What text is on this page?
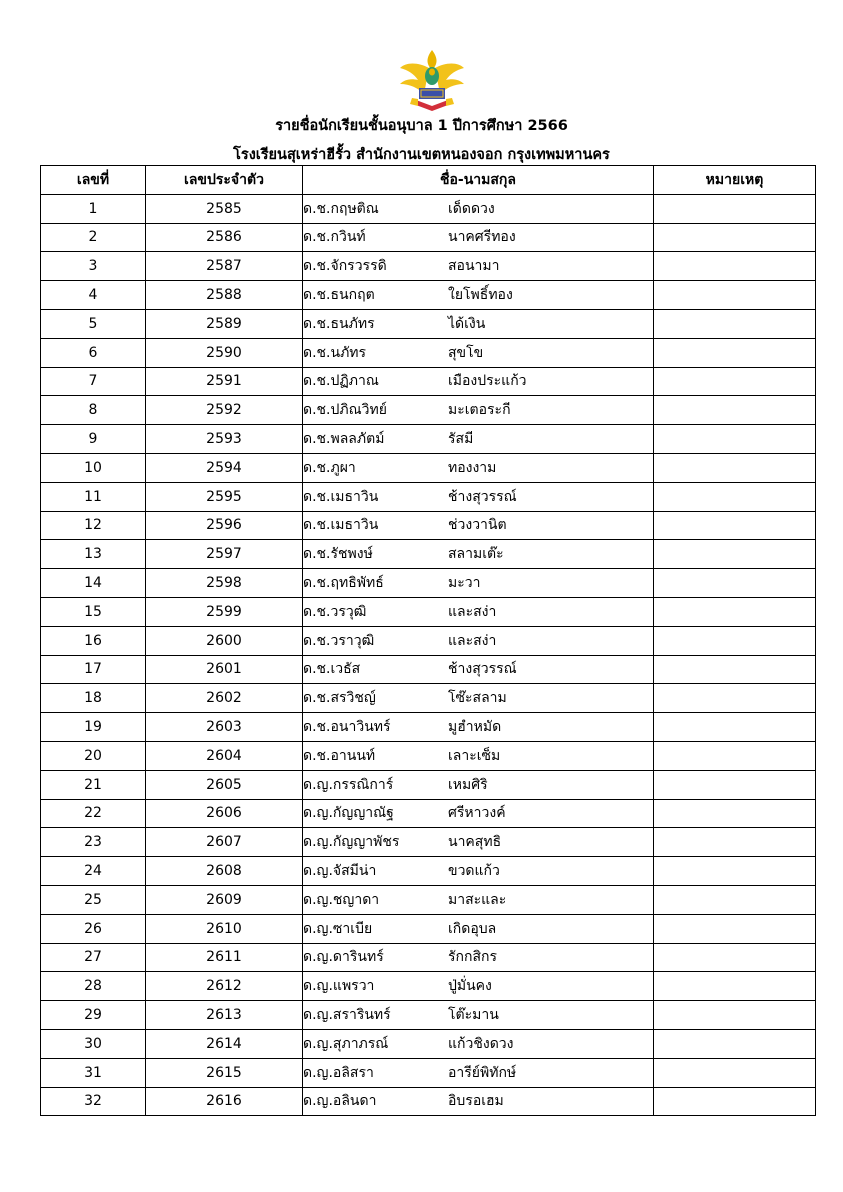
รายชื่อนักเรียนชั้นอนุบาล 1 ปีการศึกษา 2566
โรงเรียนสุเหร่าฮีรั้ว สำนักงานเขตหนองจอก กรุงเทพมหานคร
เลขที่	เลขประจำตัว	ชื่อ-นามสกุล	หมายเหตุ
1	2585	ด.ช.กฤษติณ เด็ดดวง	
2	2586	ด.ช.กวินท์ นาคศรีทอง	
3	2587	ด.ช.จักรวรรดิ สอนามา	
4	2588	ด.ช.ธนกฤต ใยโพธิ์ทอง	
5	2589	ด.ช.ธนภัทร ได้เงิน	
6	2590	ด.ช.นภัทร สุขโข	
7	2591	ด.ช.ปฏิภาณ เมืองประแก้ว	
8	2592	ด.ช.ปภิณวิทย์ มะเตอระกี	
9	2593	ด.ช.พลลภัตม์ รัสมี	
10	2594	ด.ช.ภูผา ทองงาม	
11	2595	ด.ช.เมธาวิน ช้างสุวรรณ์	
12	2596	ด.ช.เมธาวิน ช่วงวานิต	
13	2597	ด.ช.รัชพงษ์ สลามเต๊ะ	
14	2598	ด.ช.ฤทธิพัทธ์ มะวา	
15	2599	ด.ช.วรวุฒิ และสง่า	
16	2600	ด.ช.วราวุฒิ และสง่า	
17	2601	ด.ช.เวธัส ช้างสุวรรณ์	
18	2602	ด.ช.สรวิชญ์ โซ๊ะสลาม	
19	2603	ด.ช.อนาวินทร์ มูฮำหมัด	
20	2604	ด.ช.อานนท์ เลาะเซ็ม	
21	2605	ด.ญ.กรรณิการ์ เหมศิริ	
22	2606	ด.ญ.กัญญาณัฐ ศรีหาวงค์	
23	2607	ด.ญ.กัญญาพัชร นาคสุทธิ	
24	2608	ด.ญ.จัสมีน่า ขวดแก้ว	
25	2609	ด.ญ.ชญาดา มาสะและ	
26	2610	ด.ญ.ซาเบีย เกิดอุบล	
27	2611	ด.ญ.ดารินทร์ รักกสิกร	
28	2612	ด.ญ.แพรวา ปู่มั่นคง	
29	2613	ด.ญ.สรารินทร์ โต๊ะมาน	
30	2614	ด.ญ.สุภาภรณ์ แก้วชิงดวง	
31	2615	ด.ญ.อลิสรา อารีย์พิทักษ์	
32	2616	ด.ญ.อลินดา อิบรอเฮม	
